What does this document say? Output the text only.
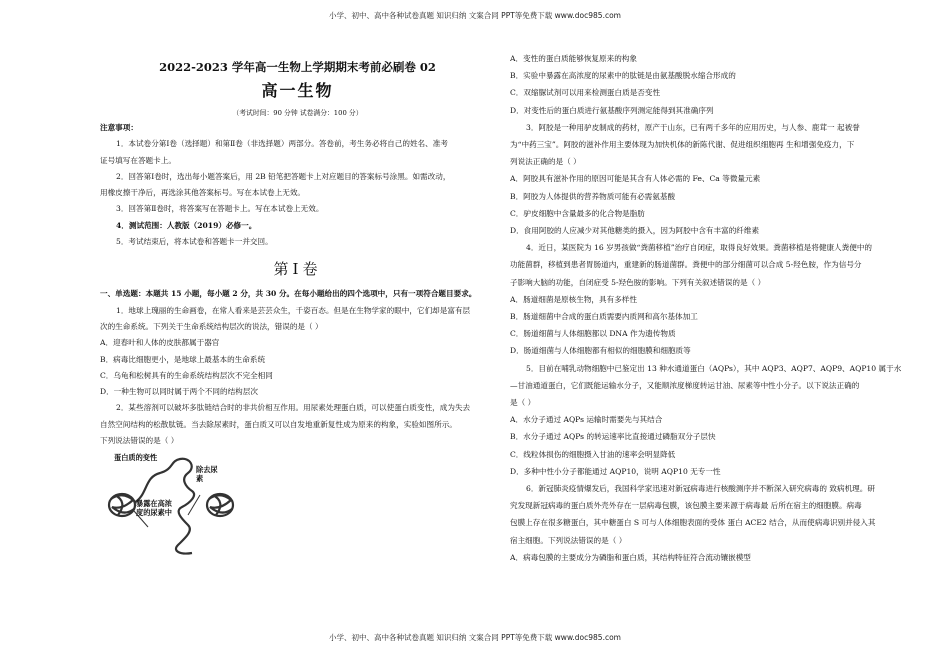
小学、初中、高中各种试卷真题 知识归纳 文案合同 PPT等免费下载 www.doc985.com

2022-2023 学年高一生物上学期期末考前必刷卷 02

高一生物

（考试时间：90 分钟 试卷满分：100 分）

注意事项：

1．本试卷分第Ⅰ卷（选择题）和第Ⅱ卷（非选择题）两部分。答卷前，考生务必将自己的姓名、准考

证号填写在答题卡上。

2．回答第Ⅰ卷时，选出每小题答案后，用 2B 铅笔把答题卡上对应题目的答案标号涂黑。如需改动，

用橡皮擦干净后，再选涂其他答案标号。写在本试卷上无效。

3．回答第Ⅱ卷时，将答案写在答题卡上。写在本试卷上无效。

4．测试范围：人教版（2019）必修一。

5．考试结束后，将本试卷和答题卡一并交回。

第Ⅰ卷

一、单选题：本题共 15 小题，每小题 2 分，共 30 分。在每小题给出的四个选项中，只有一项符合题目要求。

1．地球上瑰丽的生命画卷，在常人看来是芸芸众生，千姿百态。但是在生物学家的眼中，它们却是富有层

次的生命系统。下列关于生命系统结构层次的说法，错误的是（ ）

A．迎春叶和人体的皮肤都属于器官

B．病毒比细胞更小，是地球上最基本的生命系统

C．乌龟和松树具有的生命系统结构层次不完全相同

D．一种生物可以同时属于两个不同的结构层次

2．某些溶剂可以破坏多肽链结合时的非共价相互作用。用尿素处理蛋白质，可以使蛋白质变性，成为失去

自然空间结构的松散肽链。当去除尿素时，蛋白质又可以自发地重新复性成为原来的构象，实验如图所示。

下列说法错误的是（ ）

蛋白质的变性
除去尿素
暴露在高浓度的尿素中

A．变性的蛋白质能够恢复原来的构象

B．实验中暴露在高浓度的尿素中的肽链是由氨基酸脱水缩合形成的

C．双缩脲试剂可以用来检测蛋白质是否变性

D．对变性后的蛋白质进行氨基酸序列测定能得到其准确序列

3．阿胶是一种用驴皮制成的药材，原产于山东，已有两千多年的应用历史，与人参、鹿茸一 起被誉

为“中药三宝”。阿胶的滋补作用主要体现为加快机体的新陈代谢、促进组织细胞再 生和增强免疫力，下

列说法正确的是（ ）

A．阿胶具有滋补作用的原因可能是其含有人体必需的 Fe、Ca 等微量元素

B．阿胶为人体提供的营养物质可能有必需氨基酸

C．驴皮细胞中含量最多的化合物是脂肪

D．食用阿胶的人应减少对其他糖类的摄入，因为阿胶中含有丰富的纤维素

4．近日，某医院为 16 岁男孩做“粪菌移植”治疗自闭症，取得良好效果。粪菌移植是将健康人粪便中的

功能菌群，移植到患者胃肠道内，重建新的肠道菌群。粪便中的部分细菌可以合成 5-羟色胺，作为信号分

子影响大脑的功能，自闭症受 5-羟色胺的影响。下列有关叙述错误的是（ ）

A．肠道细菌是原核生物，具有多样性

B．肠道细菌中合成的蛋白质需要内质网和高尔基体加工

C．肠道细菌与人体细胞都以 DNA 作为遗传物质

D．肠道细菌与人体细胞都有相似的细胞膜和细胞质等

5．目前在哺乳动物细胞中已鉴定出 13 种水通道蛋白（AQPs），其中 AQP3、AQP7、AQP9、AQP10 属于水

—甘油通道蛋白，它们既能运输水分子，又能顺浓度梯度转运甘油、尿素等中性小分子。以下说法正确的

是（ ）

A．水分子通过 AQPs 运输时需要先与其结合

B．水分子通过 AQPs 的转运速率比直接通过磷脂双分子层快

C．线粒体损伤的细胞摄入甘油的速率会明显降低

D．多种中性小分子都能通过 AQP10，说明 AQP10 无专一性

6．新冠肺炎疫情爆发后，我国科学家迅速对新冠病毒进行核酸测序并不断深入研究病毒的 致病机理。研

究发现新冠病毒的蛋白质外壳外存在一层病毒包膜，该包膜主要来源于病毒最 后所在宿主的细胞膜。病毒

包膜上存在很多糖蛋白，其中糖蛋白 S 可与人体细胞表面的受体 蛋白 ACE2 结合，从而使病毒识别并侵入其

宿主细胞。下列说法错误的是（ ）

A．病毒包膜的主要成分为磷脂和蛋白质，其结构特征符合流动镶嵌模型

小学、初中、高中各种试卷真题 知识归纳 文案合同 PPT等免费下载 www.doc985.com
